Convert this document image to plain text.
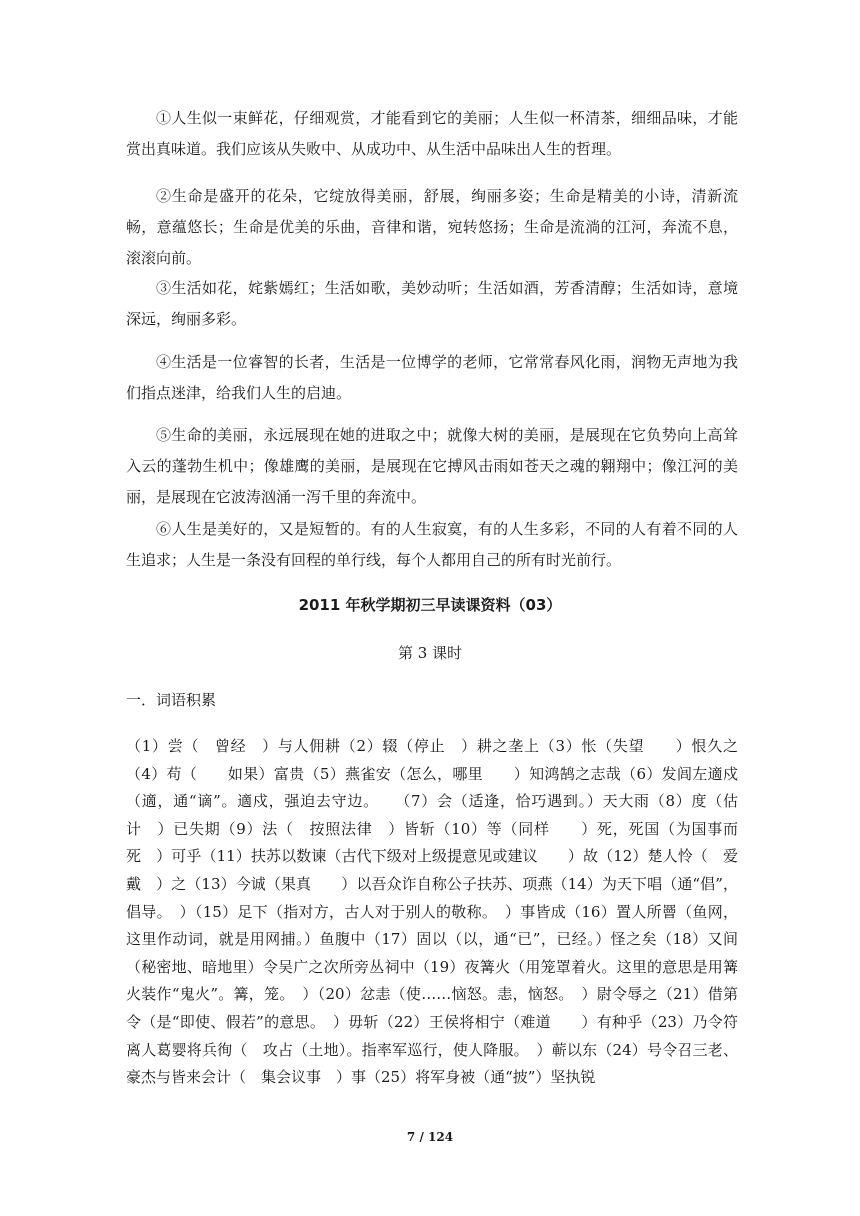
①人生似一束鲜花，仔细观赏，才能看到它的美丽；人生似一杯清茶，细细品味，才能赏出真味道。我们应该从失败中、从成功中、从生活中品味出人生的哲理。

②生命是盛开的花朵，它绽放得美丽，舒展，绚丽多姿；生命是精美的小诗，清新流畅，意蕴悠长；生命是优美的乐曲，音律和谐，宛转悠扬；生命是流淌的江河，奔流不息，滚滚向前。

③生活如花，姹紫嫣红；生活如歌，美妙动听；生活如酒，芳香清醇；生活如诗，意境深远，绚丽多彩。

④生活是一位睿智的长者，生活是一位博学的老师，它常常春风化雨，润物无声地为我们指点迷津，给我们人生的启迪。

⑤生命的美丽，永远展现在她的进取之中；就像大树的美丽，是展现在它负势向上高耸入云的蓬勃生机中；像雄鹰的美丽，是展现在它搏风击雨如苍天之魂的翱翔中；像江河的美丽，是展现在它波涛汹涌一泻千里的奔流中。

⑥人生是美好的，又是短暂的。有的人生寂寞，有的人生多彩，不同的人有着不同的人生追求；人生是一条没有回程的单行线，每个人都用自己的所有时光前行。

2011 年秋学期初三早读课资料（03）
第 3 课时
一．词语积累

（1）尝（　曾经　）与人佣耕（2）辍（停止　）耕之垄上（3）怅（失望　　）恨久之（4）苟（　　如果）富贵（5）燕雀安（怎么，哪里　　）知鸿鹄之志哉（6）发闾左適戍（適，通“谪”。適戍，强迫去守边。　　（7）会（适逢，恰巧遇到。）天大雨（8）度（估计　）已失期（9）法（　按照法律　）皆斩（10）等（同样　　）死，死国（为国事而死　）可乎（11）扶苏以数谏（古代下级对上级提意见或建议　　）故（12）楚人怜（　爱戴　）之（13）今诚（果真　　）以吾众诈自称公子扶苏、项燕（14）为天下唱（通“倡”，倡导。　）（15）足下（指对方，古人对于别人的敬称。　）事皆成（16）置人所罾（鱼网，这里作动词，就是用网捕。）鱼腹中（17）固以（以，通“已”，已经。）怪之矣（18）又间（秘密地、暗地里）令吴广之次所旁丛祠中（19）夜篝火（用笼罩着火。这里的意思是用篝火装作“鬼火”。篝，笼。　）（20）忿恚（使……恼怒。恚，恼怒。　）尉令辱之（21）借第令（是“即使、假若”的意思。　）毋斩（22）王侯将相宁（难道　　）有种乎（23）乃令符离人葛婴将兵徇（　攻占（土地）。指率军巡行，使人降服。　）蕲以东（24）号令召三老、豪杰与皆来会计（　集会议事　）事（25）将军身被（通“披”）坚执锐

7 / 124
